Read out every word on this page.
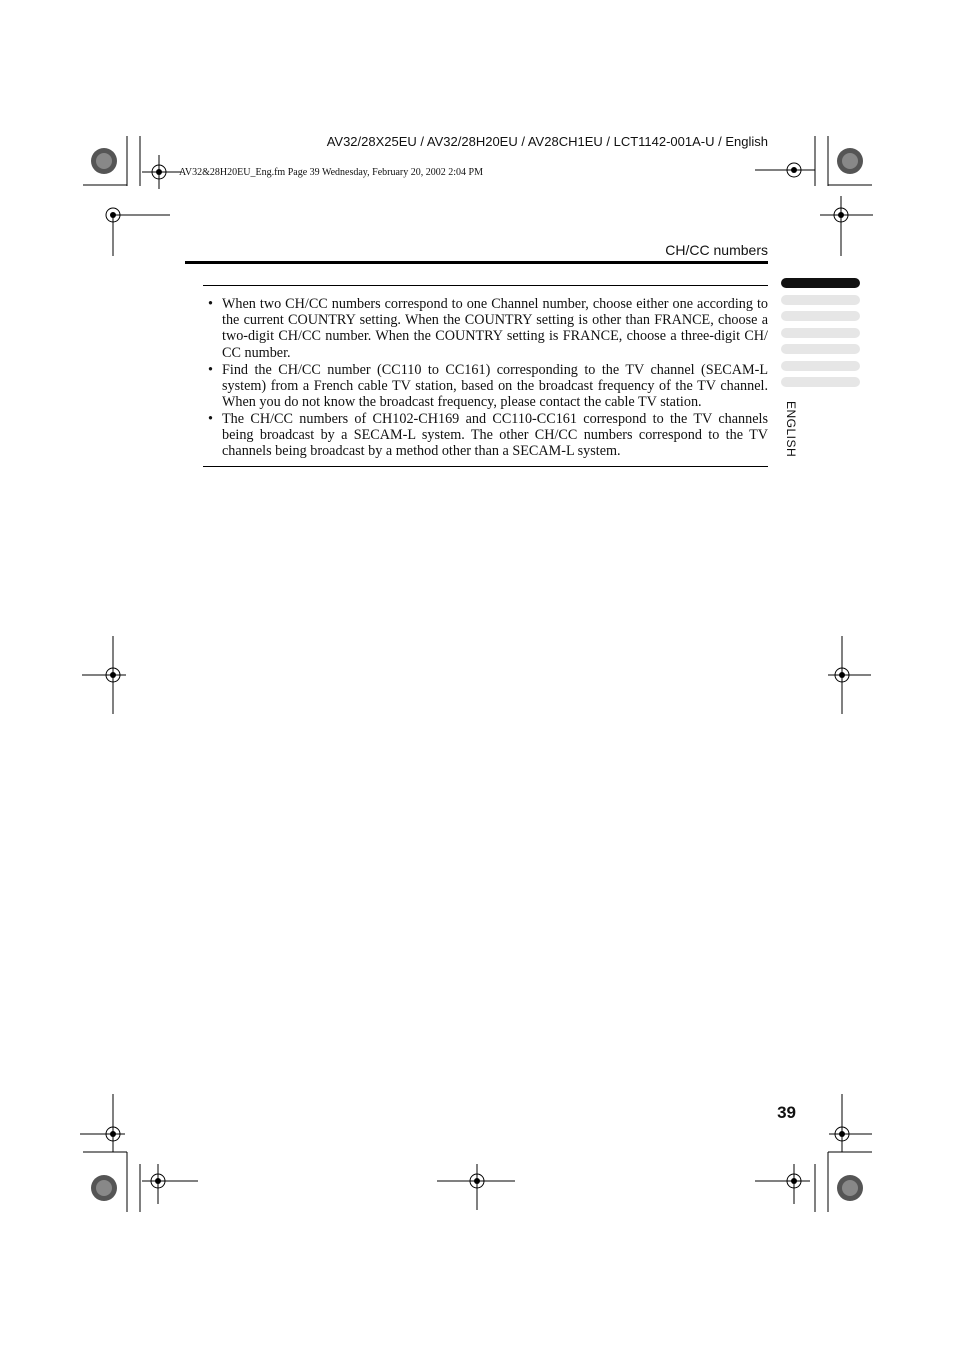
AV32/28X25EU / AV32/28H20EU / AV28CH1EU / LCT1142-001A-U / English
AV32&28H20EU_Eng.fm Page 39 Wednesday, February 20, 2002 2:04 PM
CH/CC numbers
• When two CH/CC numbers correspond to one Channel number, choose either one according to the current COUNTRY setting. When the COUNTRY setting is other than FRANCE, choose a two-digit CH/CC number. When the COUNTRY setting is FRANCE, choose a three-digit CH/ CC number.
• Find the CH/CC number (CC110 to CC161) corresponding to the TV channel (SECAM-L system) from a French cable TV station, based on the broadcast frequency of the TV channel. When you do not know the broadcast frequency, please contact the cable TV station.
• The CH/CC numbers of CH102-CH169 and CC110-CC161 correspond to the TV channels being broadcast by a SECAM-L system. The other CH/CC numbers correspond to the TV channels being broadcast by a method other than a SECAM-L system.	ENGLISH
39
